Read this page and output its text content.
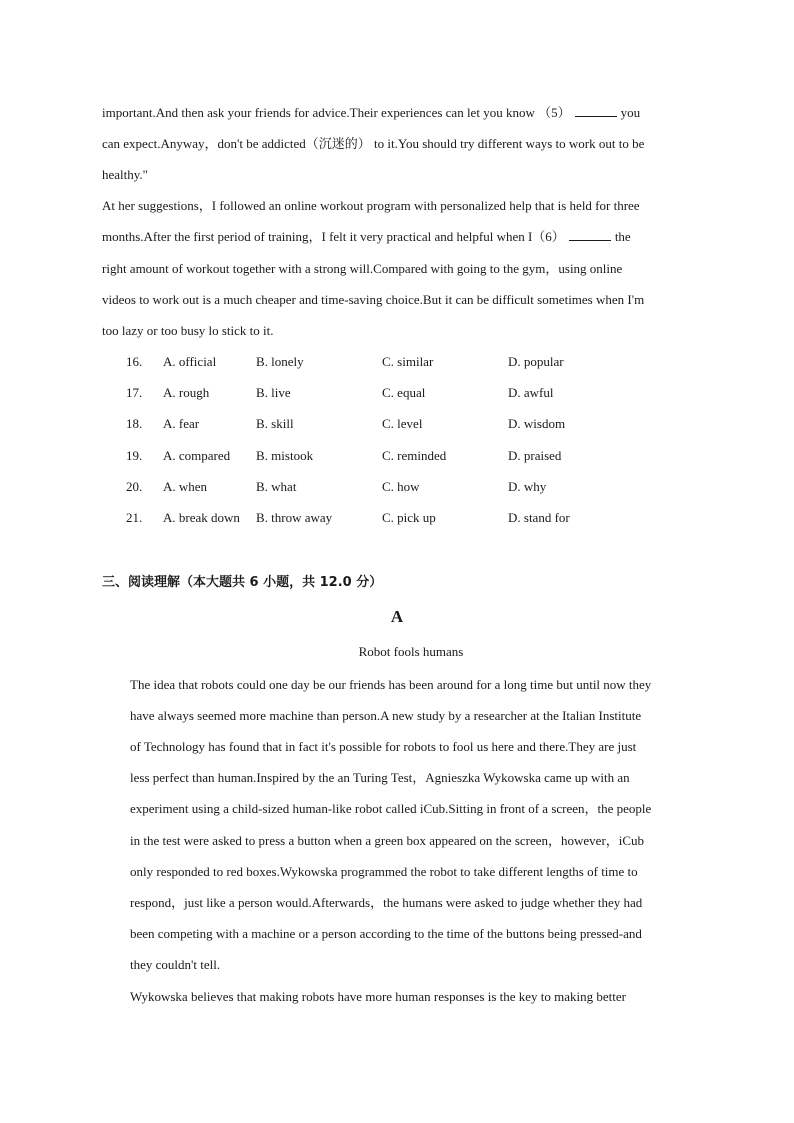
important.And then ask your friends for advice.Their experiences can let you know （5）	you
can expect.Anyway，don't be addicted（沉迷的） to it.You should try different ways to work out to be
healthy."
At her suggestions，I followed an online workout program with personalized help that is held for three
months.After the first period of training，I felt it very practical and helpful when I（6）	the
right amount of workout together with a strong will.Compared with going to the gym，using online
videos to work out is a much cheaper and time-saving choice.But it can be difficult sometimes when I'm
too lazy or too busy lo stick to it.
16. A. official	B. lonely	C. similar	D. popular
17. A. rough	B. live	C. equal	D. awful
18. A. fear	B. skill	C. level	D. wisdom
19. A. compared B. mistook	C. reminded	D. praised
20. A. when	B. what	C. how	D. why
21. A. break down B. throw away	C. pick up	D. stand for
三、阅读理解（本大题共 6 小题，共 12.0 分）
A
Robot fools humans
The idea that robots could one day be our friends has been around for a long time but until now they
have always seemed more machine than person.A new study by a researcher at the Italian Institute
of Technology has found that in fact it's possible for robots to fool us here and there.They are just
less perfect than human.Inspired by the an Turing Test，Agnieszka Wykowska came up with an
experiment using a child-sized human-like robot called iCub.Sitting in front of a screen，the people
in the test were asked to press a button when a green box appeared on the screen，however，iCub
only responded to red boxes.Wykowska programmed the robot to take different lengths of time to
respond，just like a person would.Afterwards，the humans were asked to judge whether they had
been competing with a machine or a person according to the time of the buttons being pressed-and
they couldn't tell.
Wykowska believes that making robots have more human responses is the key to making better
